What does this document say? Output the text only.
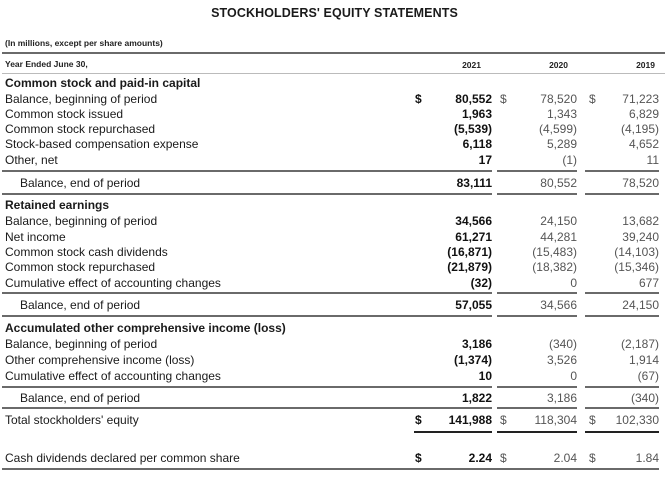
STOCKHOLDERS' EQUITY STATEMENTS
(In millions, except per share amounts)
Year Ended June 30,	2021	2020	2019
Common stock and paid-in capital
Balance, beginning of period	$	80,552 $	78,520 $	71,223
Common stock issued	1,963	1,343	6,829
Common stock repurchased	(5,539)	(4,599)	(4,195)
Stock-based compensation expense	6,118	5,289	4,652
Other, net	17	(1)	11
Balance, end of period	83,111	80,552	78,520
Retained earnings
Balance, beginning of period	34,566	24,150	13,682
Net income	61,271	44,281	39,240
Common stock cash dividends	(16,871)	(15,483)	(14,103)
Common stock repurchased	(21,879)	(18,382)	(15,346)
Cumulative effect of accounting changes	(32)	0	677
Balance, end of period	57,055	34,566	24,150
Accumulated other comprehensive income (loss)
Balance, beginning of period	3,186	(340)	(2,187)
Other comprehensive income (loss)	(1,374)	3,526	1,914
Cumulative effect of accounting changes	10	0	(67)
Balance, end of period	1,822	3,186	(340)
Total stockholders' equity	$	141,988 $	118,304 $	102,330
Cash dividends declared per common share	$	2.24 $	2.04 $	1.84
